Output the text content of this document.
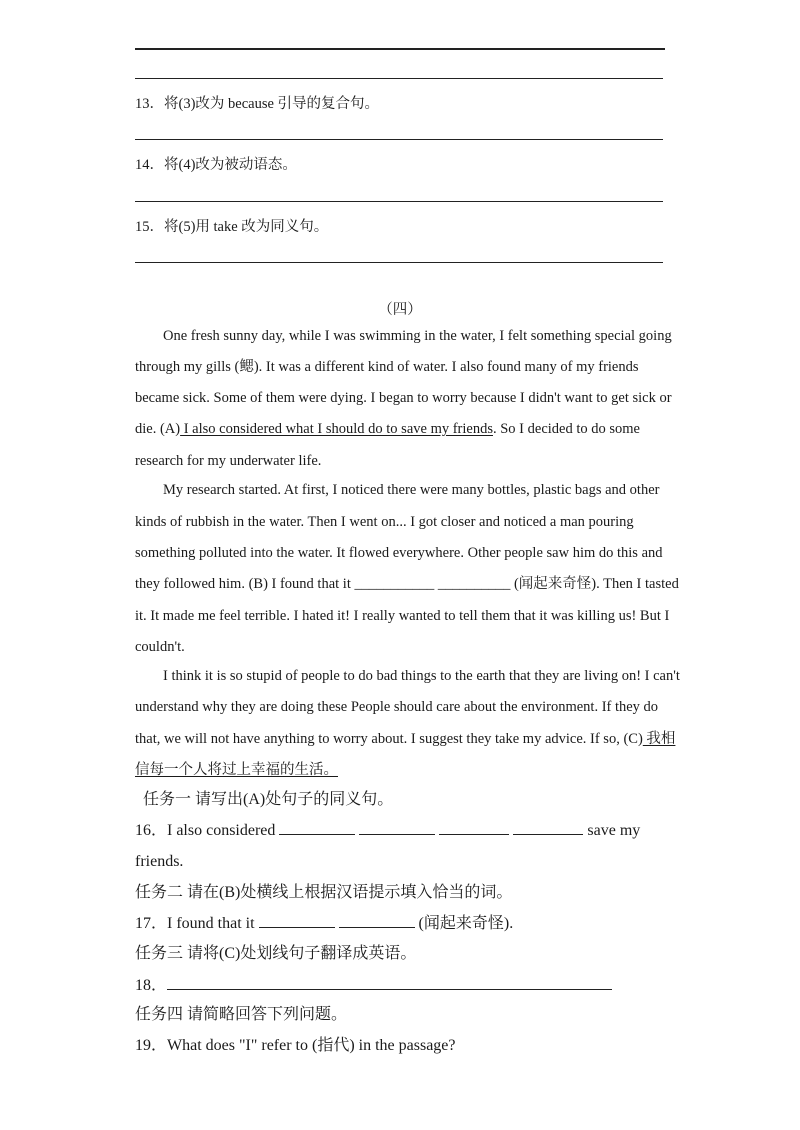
13．将(3)改为 because 引导的复合句。
14．将(4)改为被动语态。
15．将(5)用 take 改为同义句。
（四）
One fresh sunny day, while I was swimming in the water, I felt something special going
through my gills (鳃). It was a different kind of water. I also found many of my friends
became sick. Some of them were dying. I began to worry because I didn't want to get sick or
die. (A) I also considered what I should do to save my friends. So I decided to do some
research for my underwater life.
My research started. At first, I noticed there were many bottles, plastic bags and other
kinds of rubbish in the water. Then I went on... I got closer and noticed a man pouring
something polluted into the water. It flowed everywhere. Other people saw him do this and
they followed him. (B) I found that it ___________ __________ (闻起来奇怪). Then I tasted
it. It made me feel terrible. I hated it! I really wanted to tell them that it was killing us! But I
couldn't.
I think it is so stupid of people to do bad things to the earth that they are living on! I can't
understand why they are doing these People should care about the environment. If they do
that, we will not have anything to worry about. I suggest they take my advice. If so, (C) 我相
信每一个人将过上幸福的生活。
任务一 请写出(A)处句子的同义句。
16．I also considered	save my
friends.
任务二 请在(B)处横线上根据汉语提示填入恰当的词。
17．I found that it	(闻起来奇怪).
任务三 请将(C)处划线句子翻译成英语。
18．
任务四 请简略回答下列问题。
19．What does "I" refer to (指代) in the passage?
